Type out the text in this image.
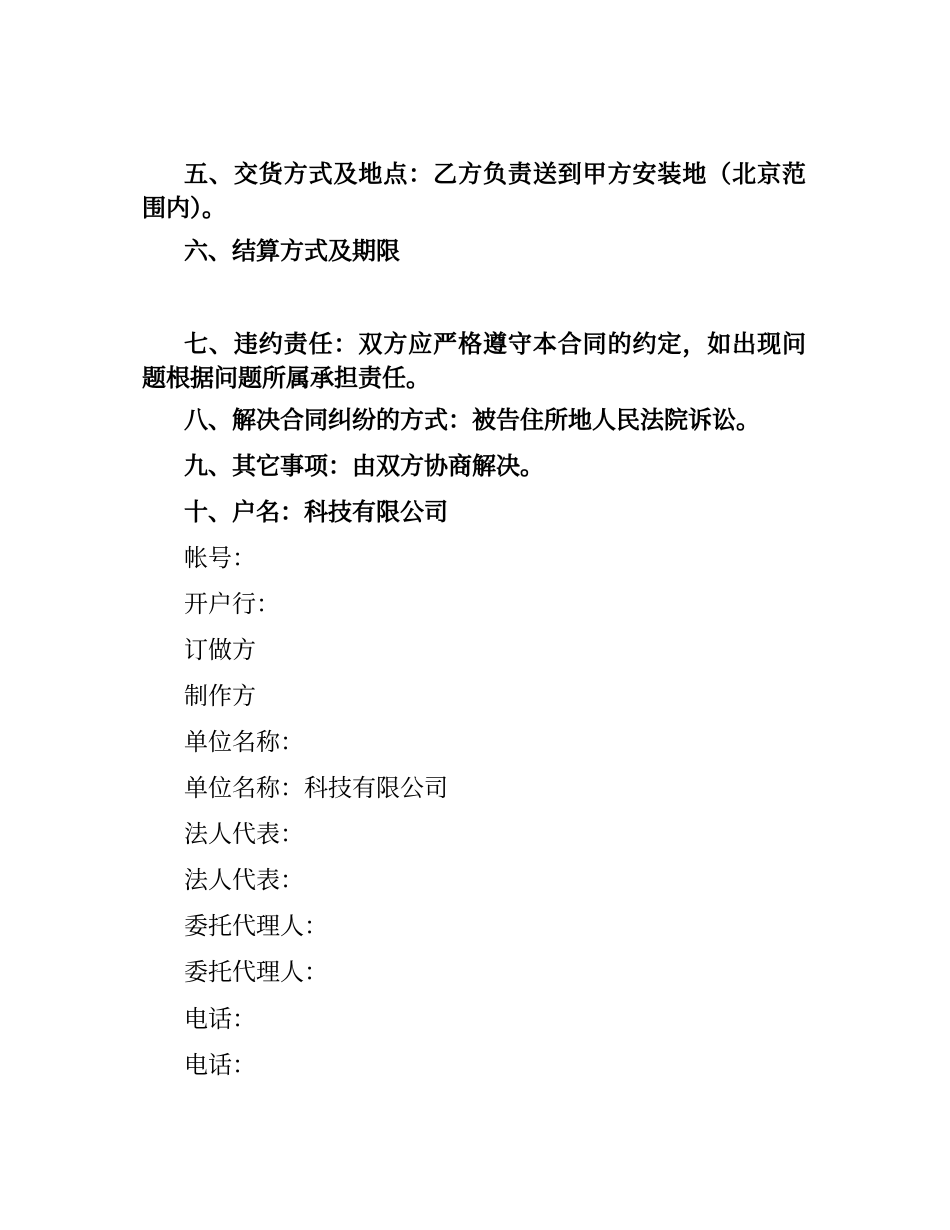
五、交货方式及地点：乙方负责送到甲方安装地（北京范围内）。
六、结算方式及期限
七、违约责任：双方应严格遵守本合同的约定，如出现问题根据问题所属承担责任。
八、解决合同纠纷的方式：被告住所地人民法院诉讼。
九、其它事项：由双方协商解决。
十、户名：科技有限公司
帐号：
开户行：
订做方
制作方
单位名称：
单位名称：科技有限公司
法人代表：
法人代表：
委托代理人：
委托代理人：
电话：
电话：
